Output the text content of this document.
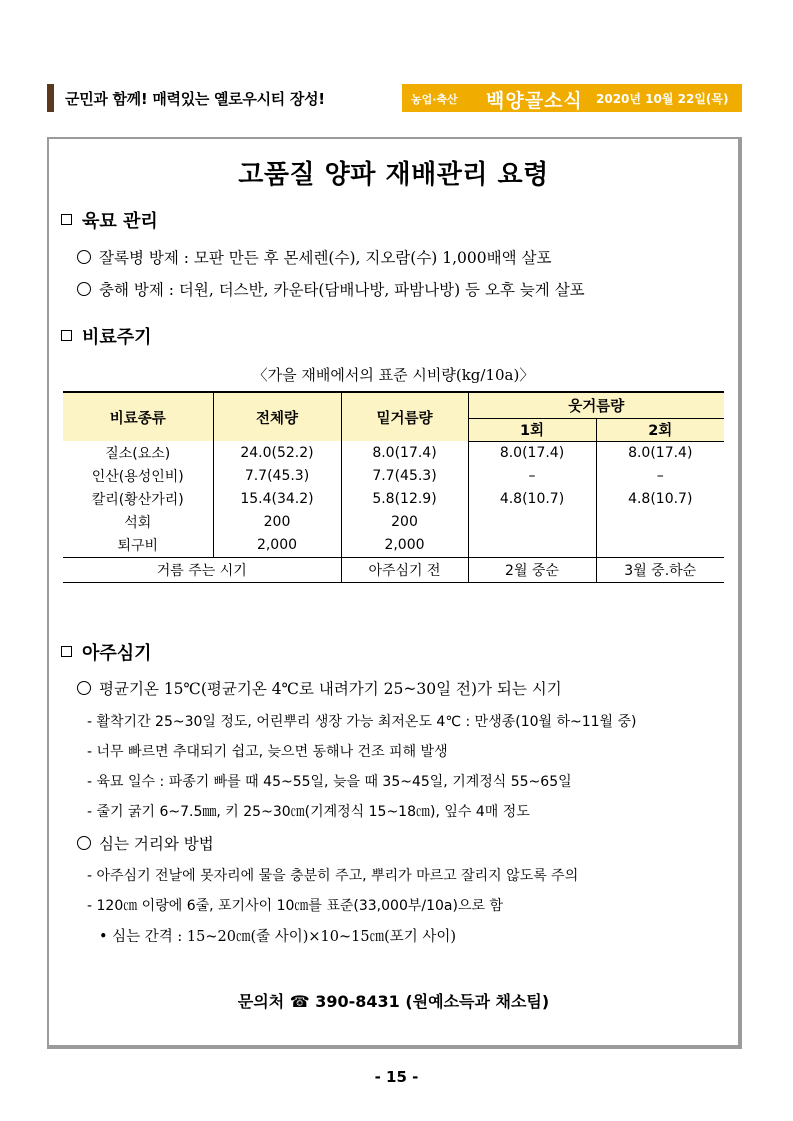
군민과 함께! 매력있는 옐로우시티 장성!	농업·축산 백양골소식 2020년 10월 22일(목)
고품질 양파 재배관리 요령
육묘 관리
잘록병 방제 : 모판 만든 후 몬세렌(수), 지오람(수) 1,000배액 살포
충해 방제 : 더원, 더스반, 카운타(담배나방, 파밤나방) 등 오후 늦게 살포
비료주기
〈가을 재배에서의 표준 시비량(kg/10a)〉
비료종류	전체량	밑거름량	웃거름량	
			1회	2회
질소(요소)	24.0(52.2)	8.0(17.4)	8.0(17.4)	8.0(17.4)
인산(용성인비)	7.7(45.3)	7.7(45.3)	–	–
칼리(황산가리)	15.4(34.2)	5.8(12.9)	4.8(10.7)	4.8(10.7)
석회	200	200		
퇴구비	2,000	2,000		
거름 주는 시기		아주심기 전	2월 중순	3월 중.하순
아주심기
평균기온 15℃(평균기온 4℃로 내려가기 25~30일 전)가 되는 시기
- 활착기간 25~30일 정도, 어린뿌리 생장 가능 최저온도 4℃ : 만생종(10월 하~11월 중)
- 너무 빠르면 추대되기 쉽고, 늦으면 동해나 건조 피해 발생
- 육묘 일수 : 파종기 빠를 때 45~55일, 늦을 때 35~45일, 기계정식 55~65일
- 줄기 굵기 6~7.5㎜, 키 25~30㎝(기계정식 15~18㎝), 잎수 4매 정도
심는 거리와 방법
- 아주심기 전날에 못자리에 물을 충분히 주고, 뿌리가 마르고 잘리지 않도록 주의
- 120㎝ 이랑에 6줄, 포기사이 10㎝를 표준(33,000부/10a)으로 함
• 심는 간격 : 15~20㎝(줄 사이)×10~15㎝(포기 사이)
문의처 ☎ 390-8431 (원예소득과 채소팀)
- 15 -
